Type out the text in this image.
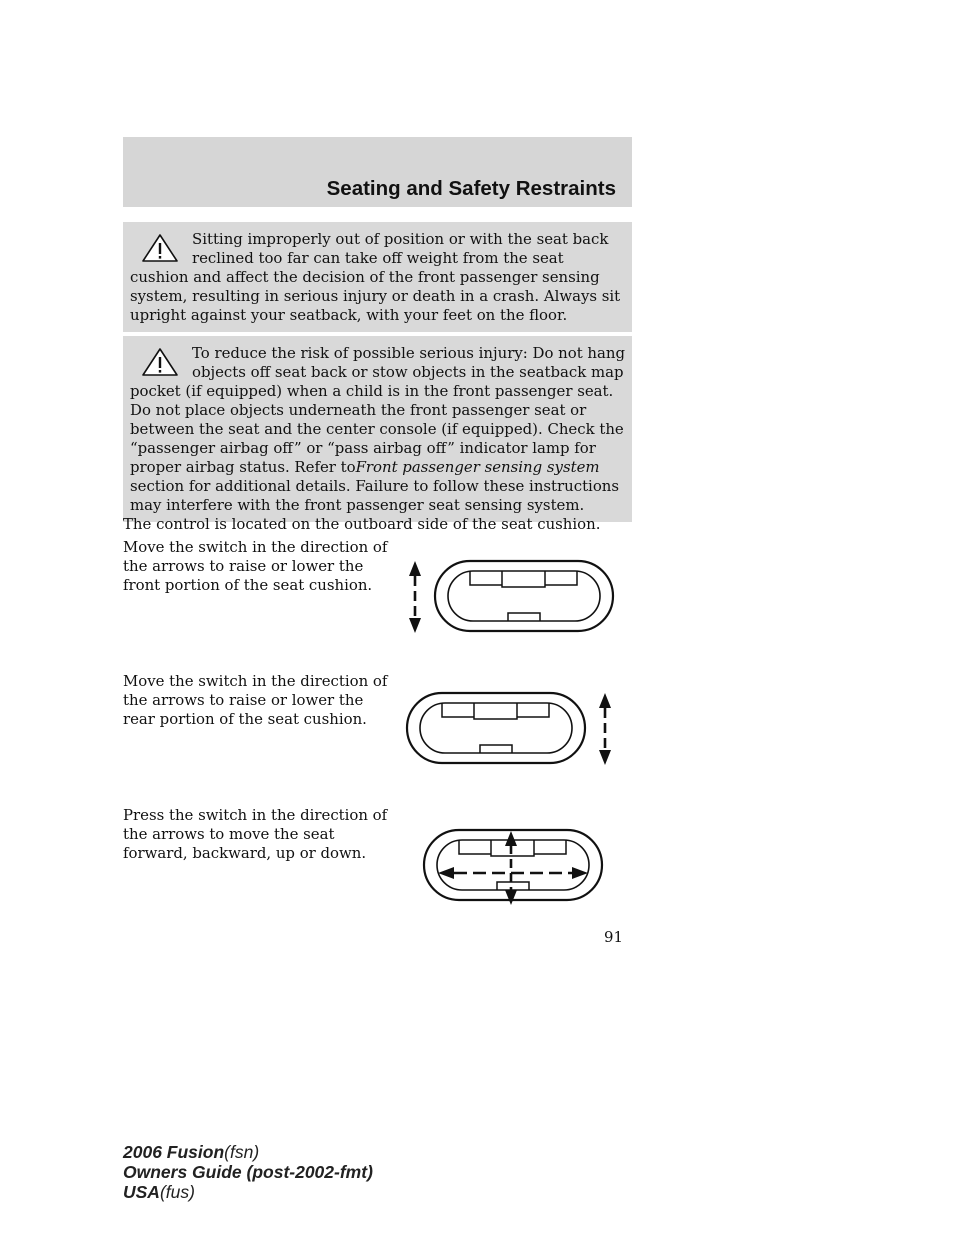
Seating and Safety Restraints
Sitting improperly out of position or with the seat back reclined too far can take off weight from the seat cushion and affect the decision of the front passenger sensing system, resulting in serious injury or death in a crash. Always sit upright against your seatback, with your feet on the floor.
To reduce the risk of possible serious injury: Do not hang objects off seat back or stow objects in the seatback map pocket (if equipped) when a child is in the front passenger seat. Do not place objects underneath the front passenger seat or between the seat and the center console (if equipped). Check the “passenger airbag off” or “pass airbag off” indicator lamp for proper airbag status. Refer toFront passenger sensing system section for additional details. Failure to follow these instructions may interfere with the front passenger seat sensing system.
The control is located on the outboard side of the seat cushion.
Move the switch in the direction of the arrows to raise or lower the front portion of the seat cushion.
Move the switch in the direction of the arrows to raise or lower the rear portion of the seat cushion.
Press the switch in the direction of the arrows to move the seat forward, backward, up or down.
91
2006 Fusion(fsn)
Owners Guide (post-2002-fmt)
USA(fus)
